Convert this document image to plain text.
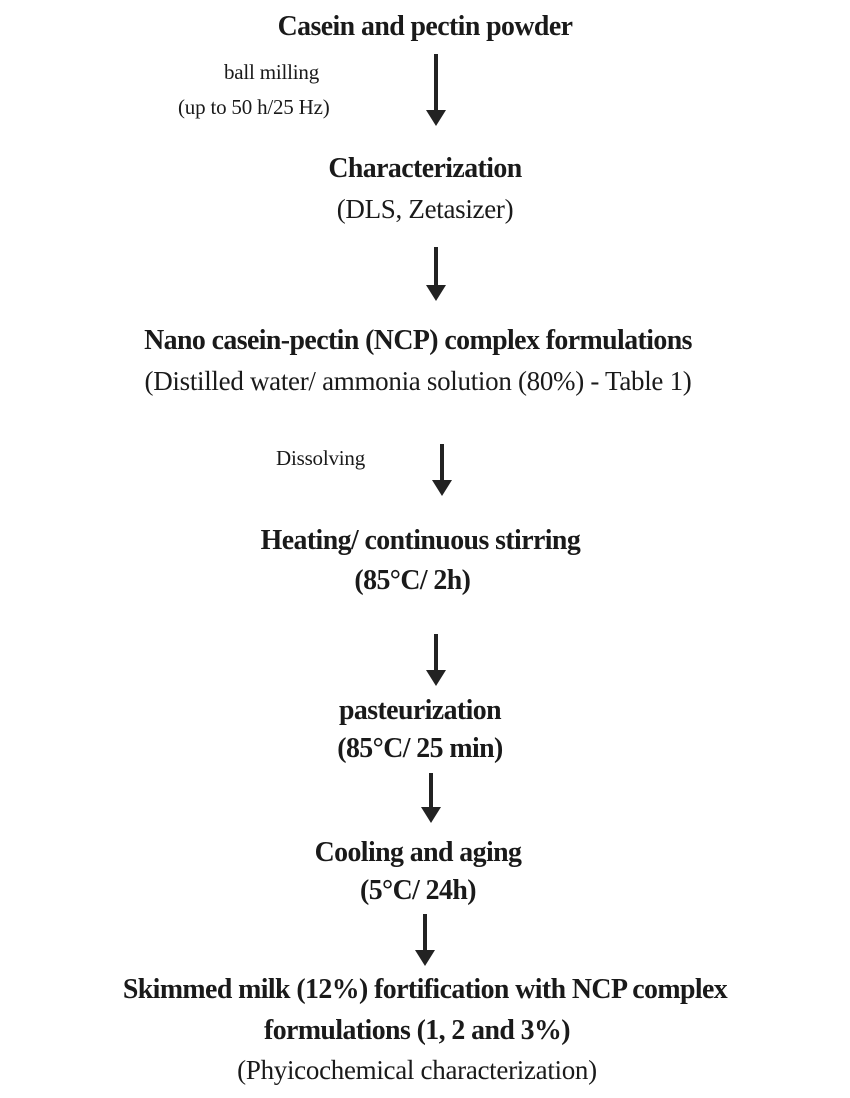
Casein and pectin powder
ball milling
(up to 50 h/25 Hz)
Characterization
(DLS, Zetasizer)
Nano casein-pectin (NCP) complex formulations
(Distilled water/ ammonia solution (80%) - Table 1)
Dissolving
Heating/ continuous stirring
(85°C/ 2h)
pasteurization
(85°C/ 25 min)
Cooling and aging
(5°C/ 24h)
Skimmed milk (12%) fortification with NCP complex
formulations (1, 2 and 3%)
(Phyicochemical characterization)
